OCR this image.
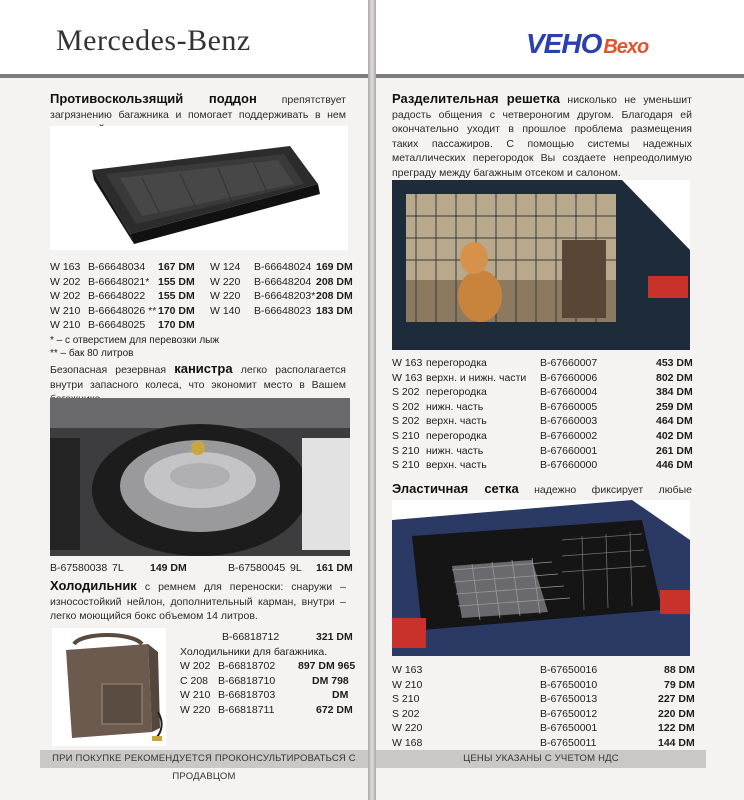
Mercedes-Benz
Противоскользящий поддон препятствует загрязнению багажника и помогает поддерживать в нем
W 163 B-66648034 167 DM W 124 B-66648024 169 DM
W 202 B-66648021* 155 DM W 220 B-66648204 208 DM
W 202 B-66648022 155 DM W 220 B-66648203* 208 DM
W 210 B-66648026 ** 170 DM W 140 B-66648023 183 DM
W 210 B-66648025 170 DM
* – с отверстием для перевозки лыж
** – бак 80 литров
Безопасная резервная канистра легко располагается внутри запасного колеса, что экономит место в Вашем
B-67580038 7L	149 DM	B-67580045 9L 161 DM
Холодильник с ремнем для переноски: снаружи – износостойкий нейлон, дополнительный карман, внутри – легко моющийся бокс объемом 14 литров.
B-66818712	321 DM
Холодильники для багажника.
W 202 B-66818702 897 DM 965
C 208 B-66818710	DM 798
W 210 B-66818703	DM
W 220 B-66818711	672 DM
ПРИ ПОКУПКЕ РЕКОМЕНДУЕТСЯ ПРОКОНСУЛЬТИРОВАТЬСЯ С ПРОДАВЦОМ
VEHO Bexo
Разделительная решетка нисколько не уменьшит радость общения с четвероногим другом. Благодаря ей окончательно уходит в прошлое проблема размещения таких пассажиров. С помощью системы надежных металлических перегородок Вы создаете непреодолимую преграду между багажным отсеком и салоном.
W 163 перегородка	B-67660007	453 DM
W 163 верхн. и нижн. части B-67660006	802 DM
S 202 перегородка	B-67660004	384 DM
S 202 нижн. часть	B-67660005	259 DM
S 202 верхн. часть	B-67660003	464 DM
S 210 перегородка	B-67660002	402 DM
S 210 нижн. часть	B-67660001	261 DM
S 210 верхн. часть	B-67660000	446 DM
Эластичная сетка надежно фиксирует любые
W 163	B-67650016	88 DM
W 210	B-67650010	79 DM
S 210	B-67650013	227 DM
S 202	B-67650012	220 DM
W 220	B-67650001	122 DM
W 168	B-67650011	144 DM
ЦЕНЫ УКАЗАНЫ С УЧЕТОМ НДС
